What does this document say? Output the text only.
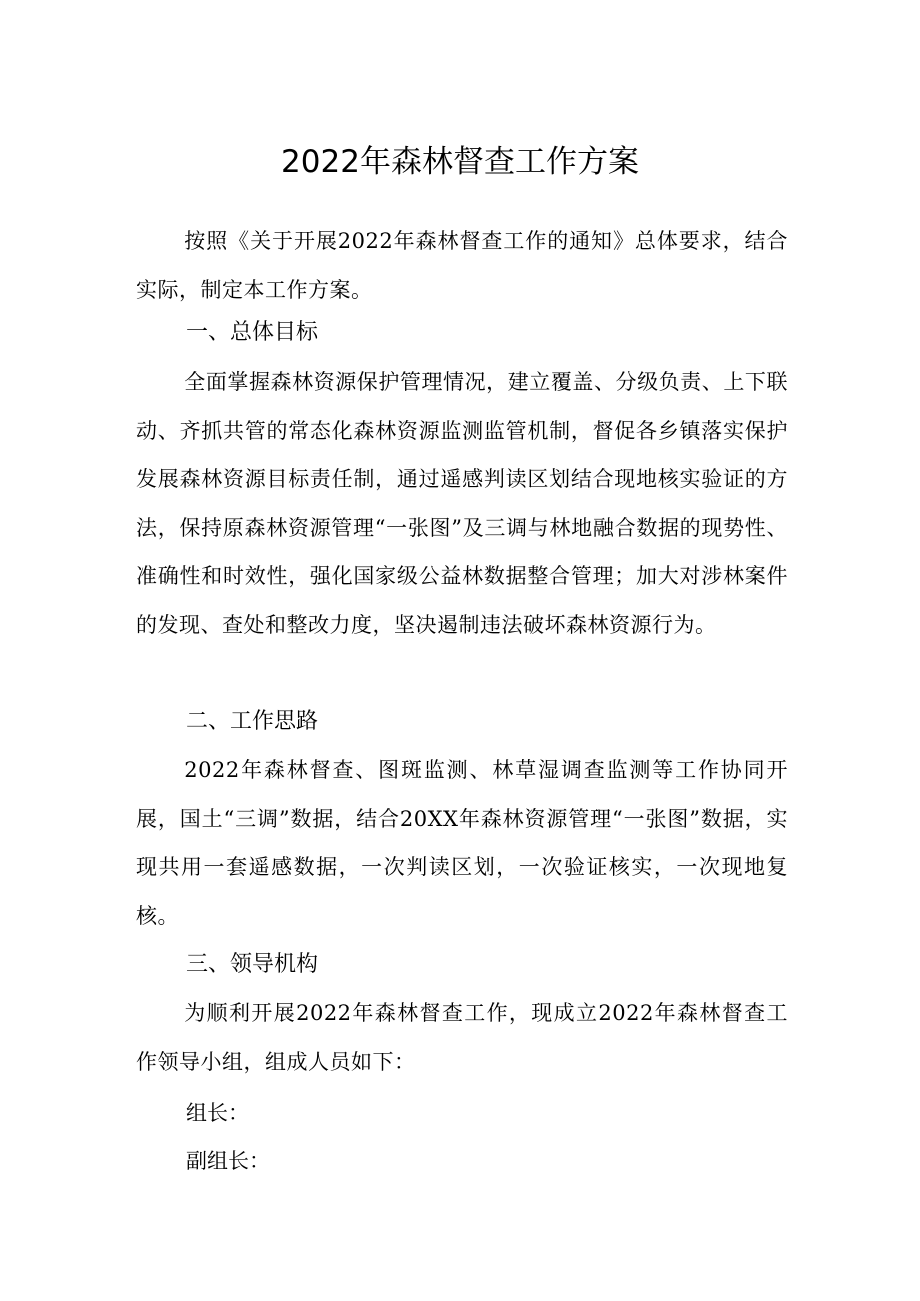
2022年森林督查工作方案

按照《关于开展2022年森林督查工作的通知》总体要求，结合实际，制定本工作方案。

一、总体目标

全面掌握森林资源保护管理情况，建立覆盖、分级负责、上下联动、齐抓共管的常态化森林资源监测监管机制，督促各乡镇落实保护发展森林资源目标责任制，通过遥感判读区划结合现地核实验证的方法，保持原森林资源管理“一张图”及三调与林地融合数据的现势性、准确性和时效性，强化国家级公益林数据整合管理；加大对涉林案件的发现、查处和整改力度，坚决遏制违法破坏森林资源行为。

二、工作思路

2022年森林督查、图斑监测、林草湿调查监测等工作协同开展，国土“三调”数据，结合20XX年森林资源管理“一张图”数据，实现共用一套遥感数据，一次判读区划，一次验证核实，一次现地复核。

三、领导机构

为顺利开展2022年森林督查工作，现成立2022年森林督查工作领导小组，组成人员如下：

组长：

副组长：
